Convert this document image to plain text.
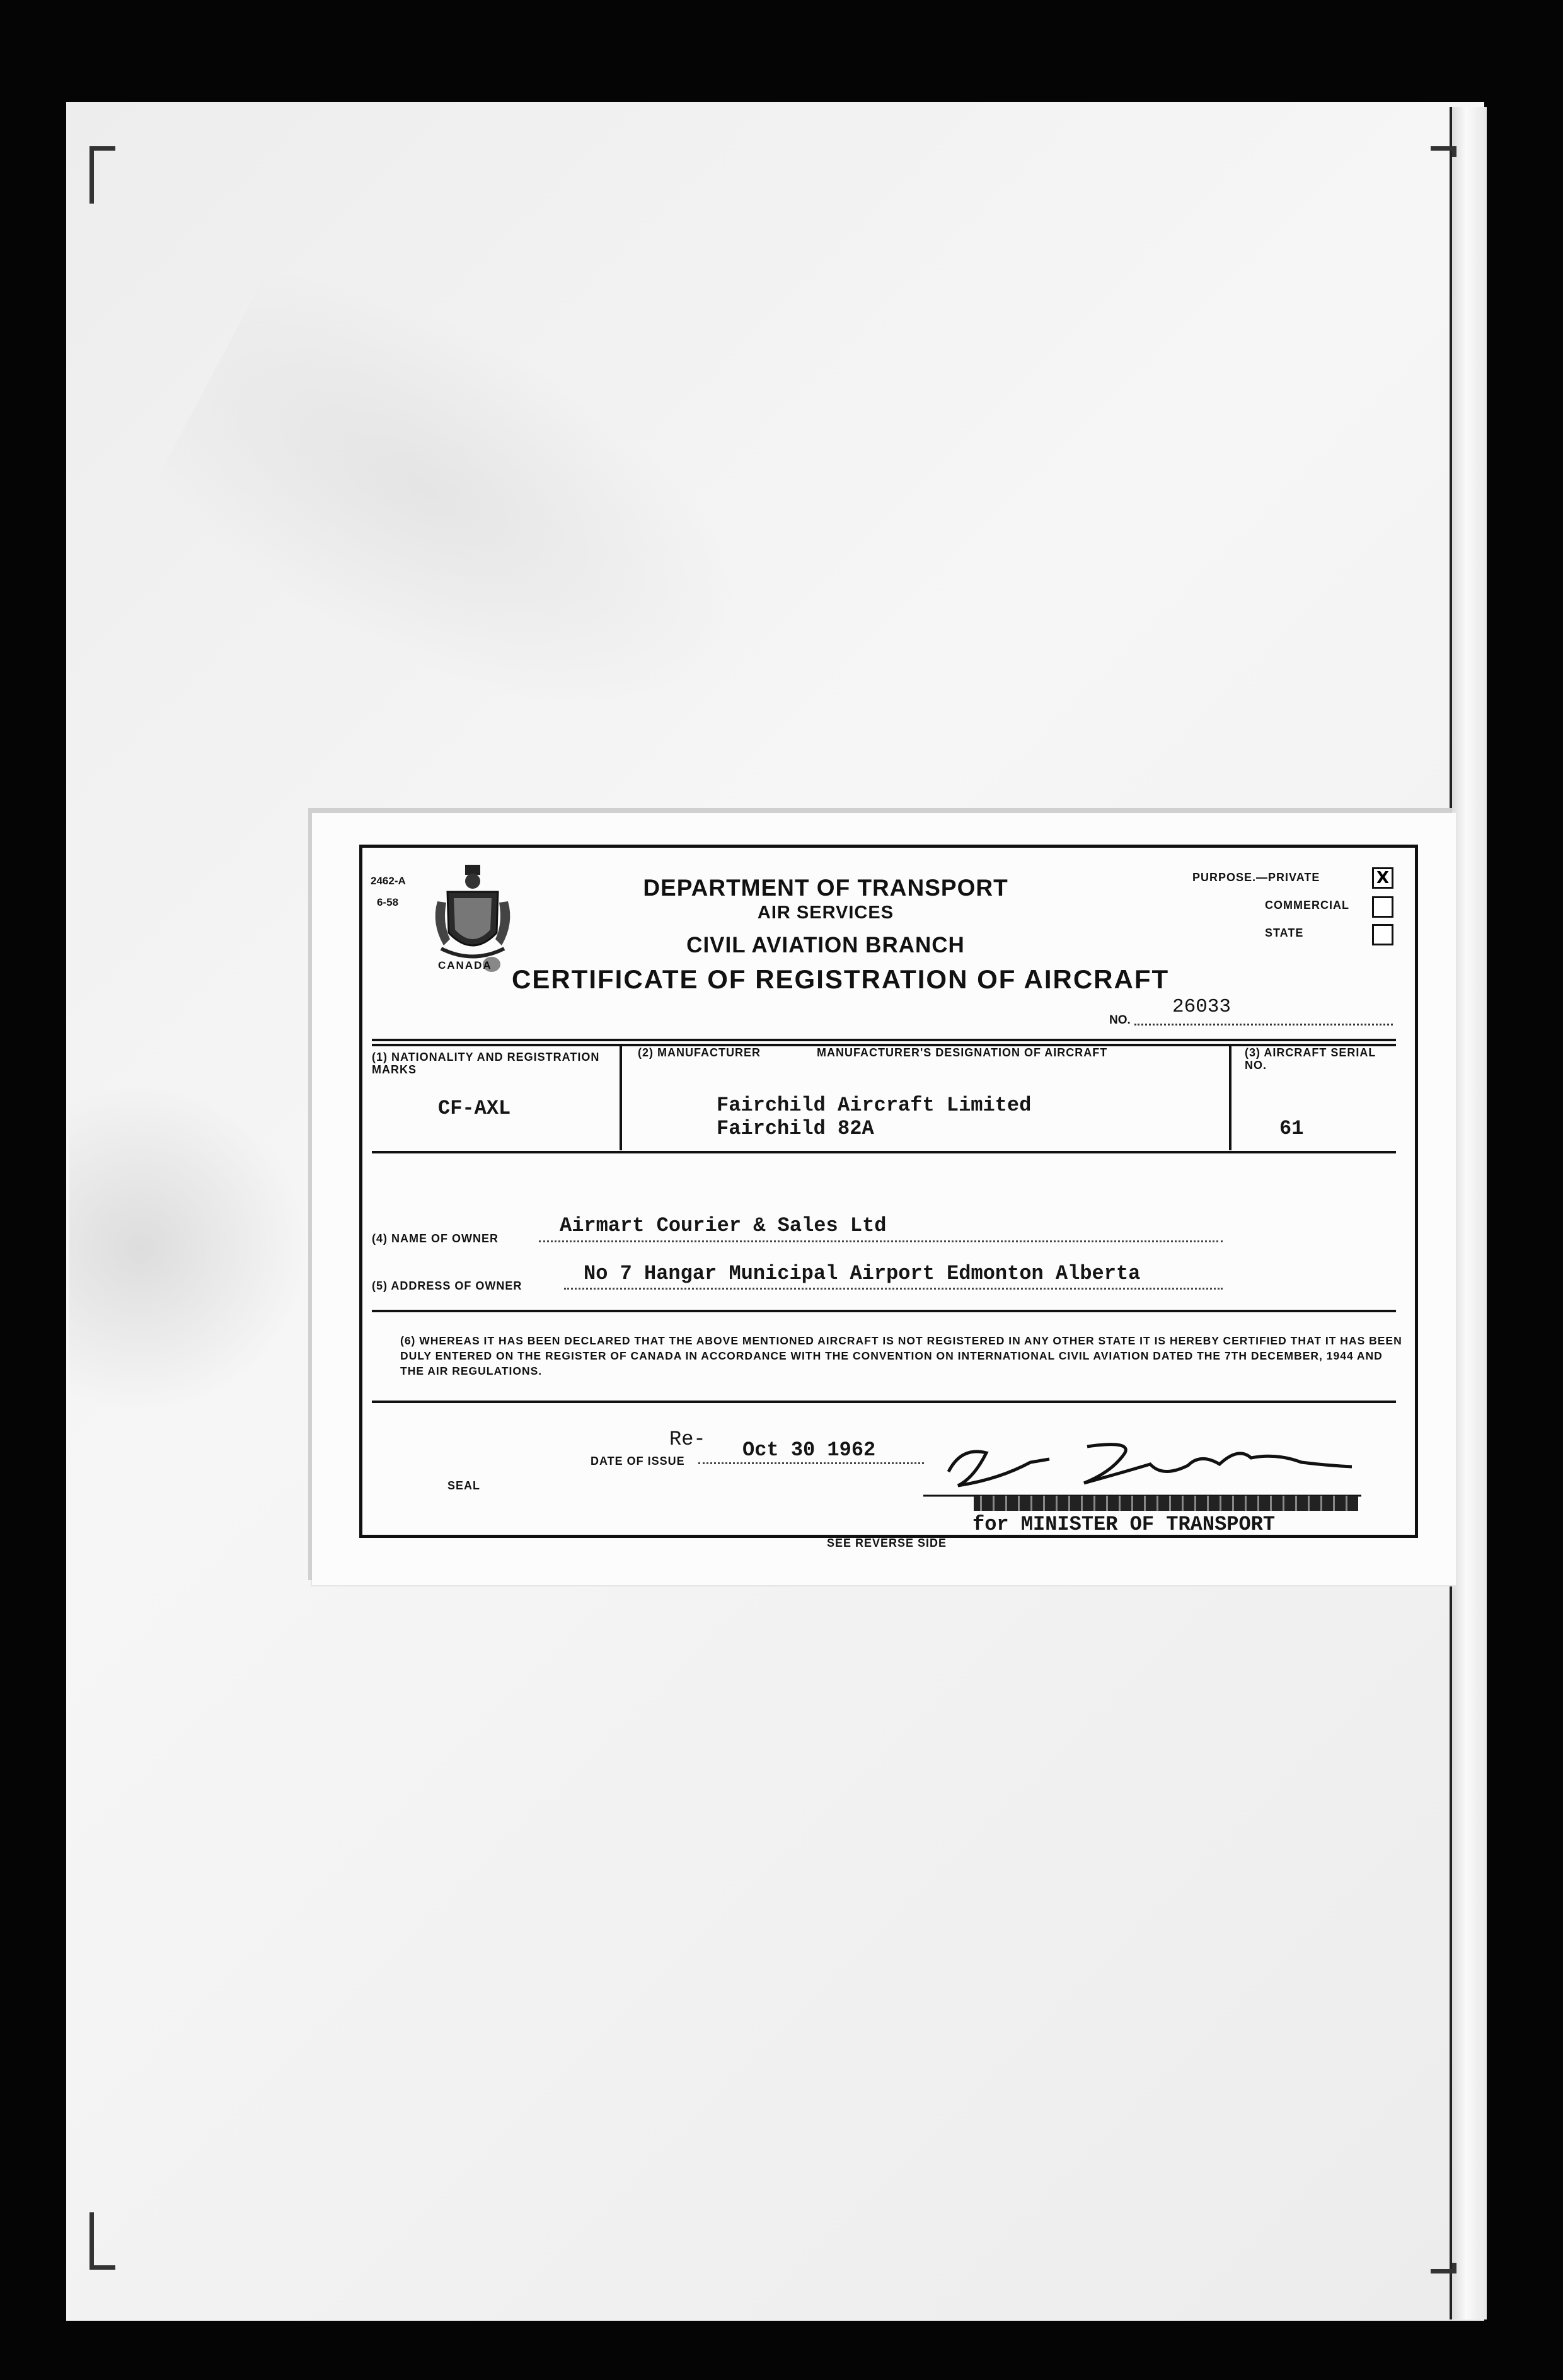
2462-A
6-58
CANADA
DEPARTMENT OF TRANSPORT
AIR SERVICES
CIVIL AVIATION BRANCH
CERTIFICATE OF REGISTRATION OF AIRCRAFT
PURPOSE.—PRIVATE	X
COMMERCIAL
STATE
NO.
26033
(1) NATIONALITY AND REGISTRATION MARKS
CF-AXL
(2) MANUFACTURER	MANUFACTURER'S DESIGNATION OF AIRCRAFT
Fairchild Aircraft Limited
Fairchild 82A
(3) AIRCRAFT SERIAL NO.
61
(4) NAME OF OWNER
Airmart Courier & Sales Ltd
(5) ADDRESS OF OWNER
No 7 Hangar Municipal Airport Edmonton Alberta
(6) WHEREAS IT HAS BEEN DECLARED THAT THE ABOVE MENTIONED AIRCRAFT IS NOT REGISTERED IN ANY OTHER STATE IT IS HEREBY CERTIFIED THAT IT HAS BEEN DULY ENTERED ON THE REGISTER OF CANADA IN ACCORDANCE WITH THE CONVENTION ON INTERNATIONAL CIVIL AVIATION DATED THE 7TH DECEMBER, 1944 AND THE AIR REGULATIONS.
Re-
DATE OF ISSUE	Oct 30 1962
SEAL
for MINISTER OF TRANSPORT
SEE REVERSE SIDE
